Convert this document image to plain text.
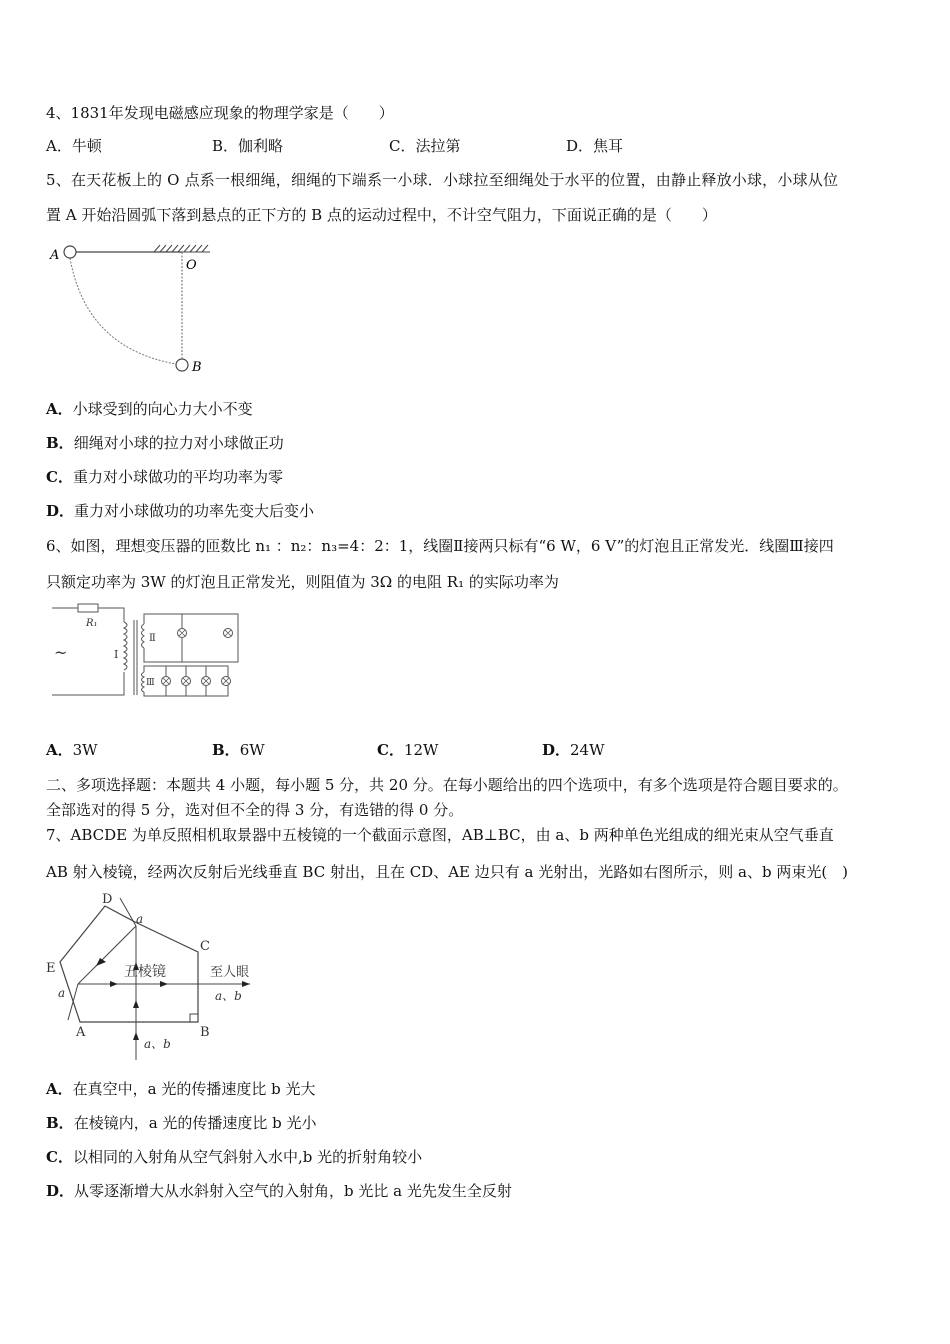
4、1831年发现电磁感应现象的物理学家是（　　）
A．牛顿	B．伽利略	C．法拉第	D．焦耳
5、在天花板上的 O 点系一根细绳，细绳的下端系一小球．小球拉至细绳处于水平的位置，由静止释放小球，小球从位
置 A 开始沿圆弧下落到悬点的正下方的 B 点的运动过程中，不计空气阻力，下面说正确的是（　　）
A
O
B
A．小球受到的向心力大小不变
B．细绳对小球的拉力对小球做正功
C．重力对小球做功的平均功率为零
D．重力对小球做功的功率先变大后变小
6、如图，理想变压器的匝数比 n₁ ：n₂：n₃=4：2：1，线圈Ⅱ接两只标有“6 W，6 V”的灯泡且正常发光．线圈Ⅲ接四
只额定功率为 3W 的灯泡且正常发光，则阻值为 3Ω 的电阻 R₁ 的实际功率为
R₁
Ⅰ
Ⅱ
Ⅲ
~
A．3W	B．6W	C．12W	D．24W
二、多项选择题：本题共 4 小题，每小题 5 分，共 20 分。在每小题给出的四个选项中，有多个选项是符合题目要求的。
全部选对的得 5 分，选对但不全的得 3 分，有选错的得 0 分。
7、ABCDE 为单反照相机取景器中五棱镜的一个截面示意图，AB⊥BC，由 a、b 两种单色光组成的细光束从空气垂直
AB 射入棱镜，经两次反射后光线垂直 BC 射出，且在 CD、AE 边只有 a 光射出，光路如右图所示，则 a、b 两束光(　)
D
a
C
E	五棱镜	至人眼
a	a、b
A	B
a、b
A．在真空中，a 光的传播速度比 b 光大
B．在棱镜内，a 光的传播速度比 b 光小
C．以相同的入射角从空气斜射入水中,b 光的折射角较小
D．从零逐渐增大从水斜射入空气的入射角，b 光比 a 光先发生全反射
